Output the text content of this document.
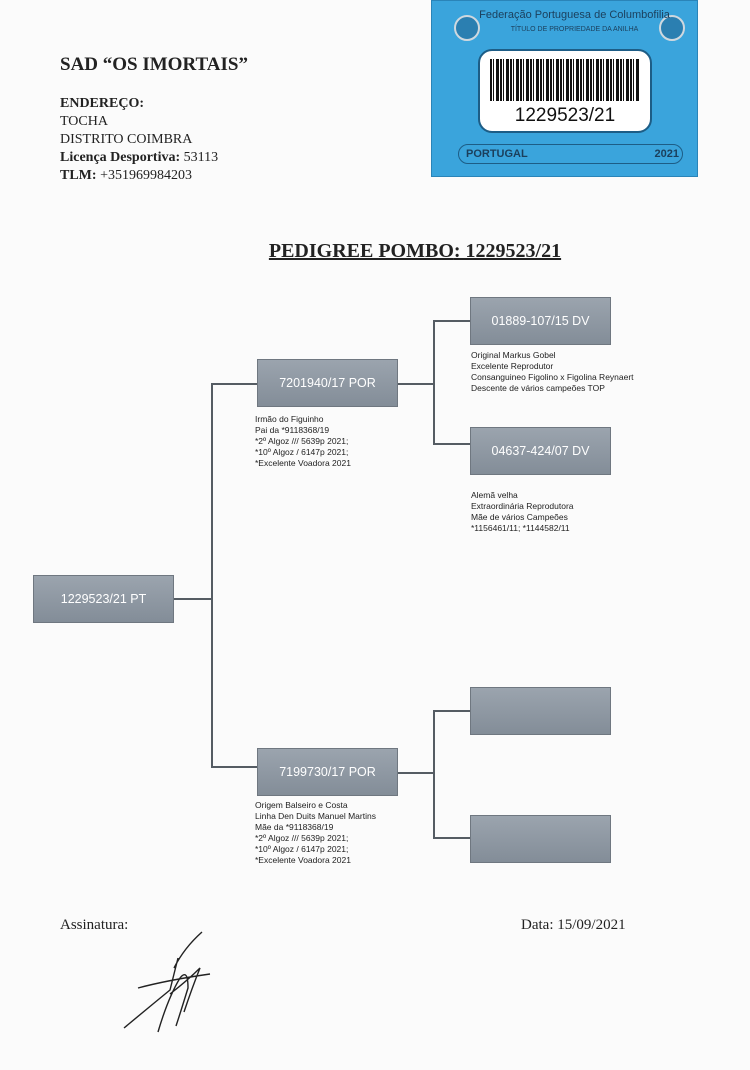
SAD “OS IMORTAIS”
ENDEREÇO:
TOCHA
DISTRITO COIMBRA
Licença Desportiva: 53113
TLM: +351969984203
Federação Portuguesa de Columbofilia
TÍTULO DE PROPRIEDADE DA ANILHA
1229523/21
PORTUGAL	2021
PEDIGREE POMBO: 1229523/21
1229523/21 PT
7201940/17 POR
Irmão do Figuinho
Pai da *9118368/19
*2º Algoz /// 5639p 2021;
*10º Algoz / 6147p 2021;
*Excelente Voadora 2021
01889-107/15 DV
Original Markus Gobel
Excelente Reprodutor
Consanguineo Figolino x Figolina Reynaert
Descente de vários campeões TOP
04637-424/07 DV
Alemã velha
Extraordinária Reprodutora
Mãe de vários Campeões
*1156461/11; *1144582/11
7199730/17 POR
Origem Balseiro e Costa
Linha Den Duits Manuel Martins
Mãe da *9118368/19
*2º Algoz /// 5639p 2021;
*10º Algoz / 6147p 2021;
*Excelente Voadora 2021
Assinatura:	Data: 15/09/2021
